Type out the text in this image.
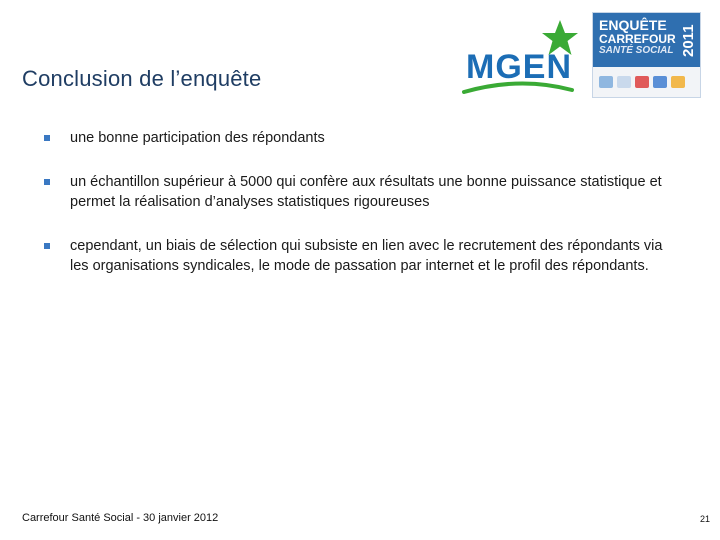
Conclusion de l’enquête	MGEN
ENQUÊTE
CARREFOUR
SANTÉ SOCIAL 2011
une bonne participation des répondants
un échantillon supérieur à 5000 qui confère aux résultats une bonne puissance statistique et permet la réalisation d’analyses statistiques rigoureuses
cependant, un biais de sélection qui subsiste en lien avec le recrutement des répondants via les organisations syndicales, le mode de passation par internet et le profil des répondants.
Carrefour Santé Social - 30 janvier 2012	21
